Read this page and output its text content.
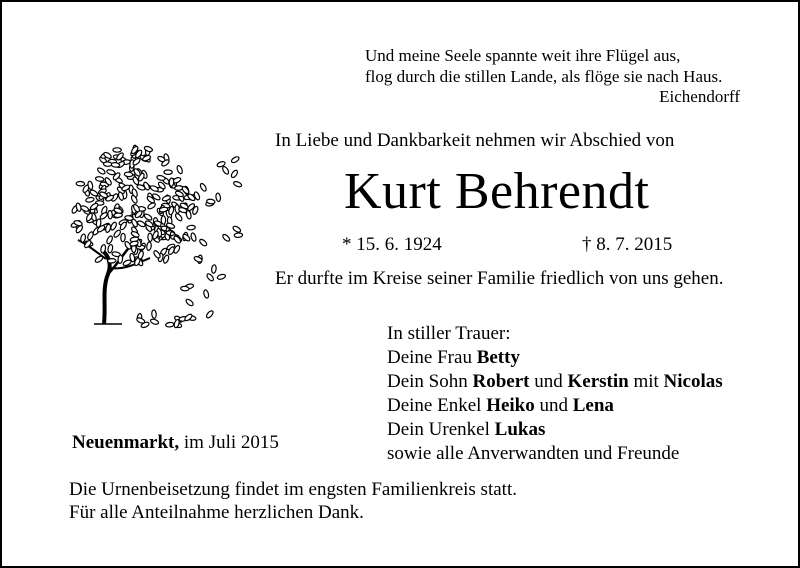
Und meine Seele spannte weit ihre Flügel aus,
flog durch die stillen Lande, als flöge sie nach Haus.
Eichendorff
In Liebe und Dankbarkeit nehmen wir Abschied von
Kurt Behrendt
* 15. 6. 1924	† 8. 7. 2015
Er durfte im Kreise seiner Familie friedlich von uns gehen.
In stiller Trauer:
Deine Frau Betty
Dein Sohn Robert und Kerstin mit Nicolas
Deine Enkel Heiko und Lena
Dein Urenkel Lukas
sowie alle Anverwandten und Freunde
Neuenmarkt, im Juli 2015
Die Urnenbeisetzung findet im engsten Familienkreis statt.
Für alle Anteilnahme herzlichen Dank.
